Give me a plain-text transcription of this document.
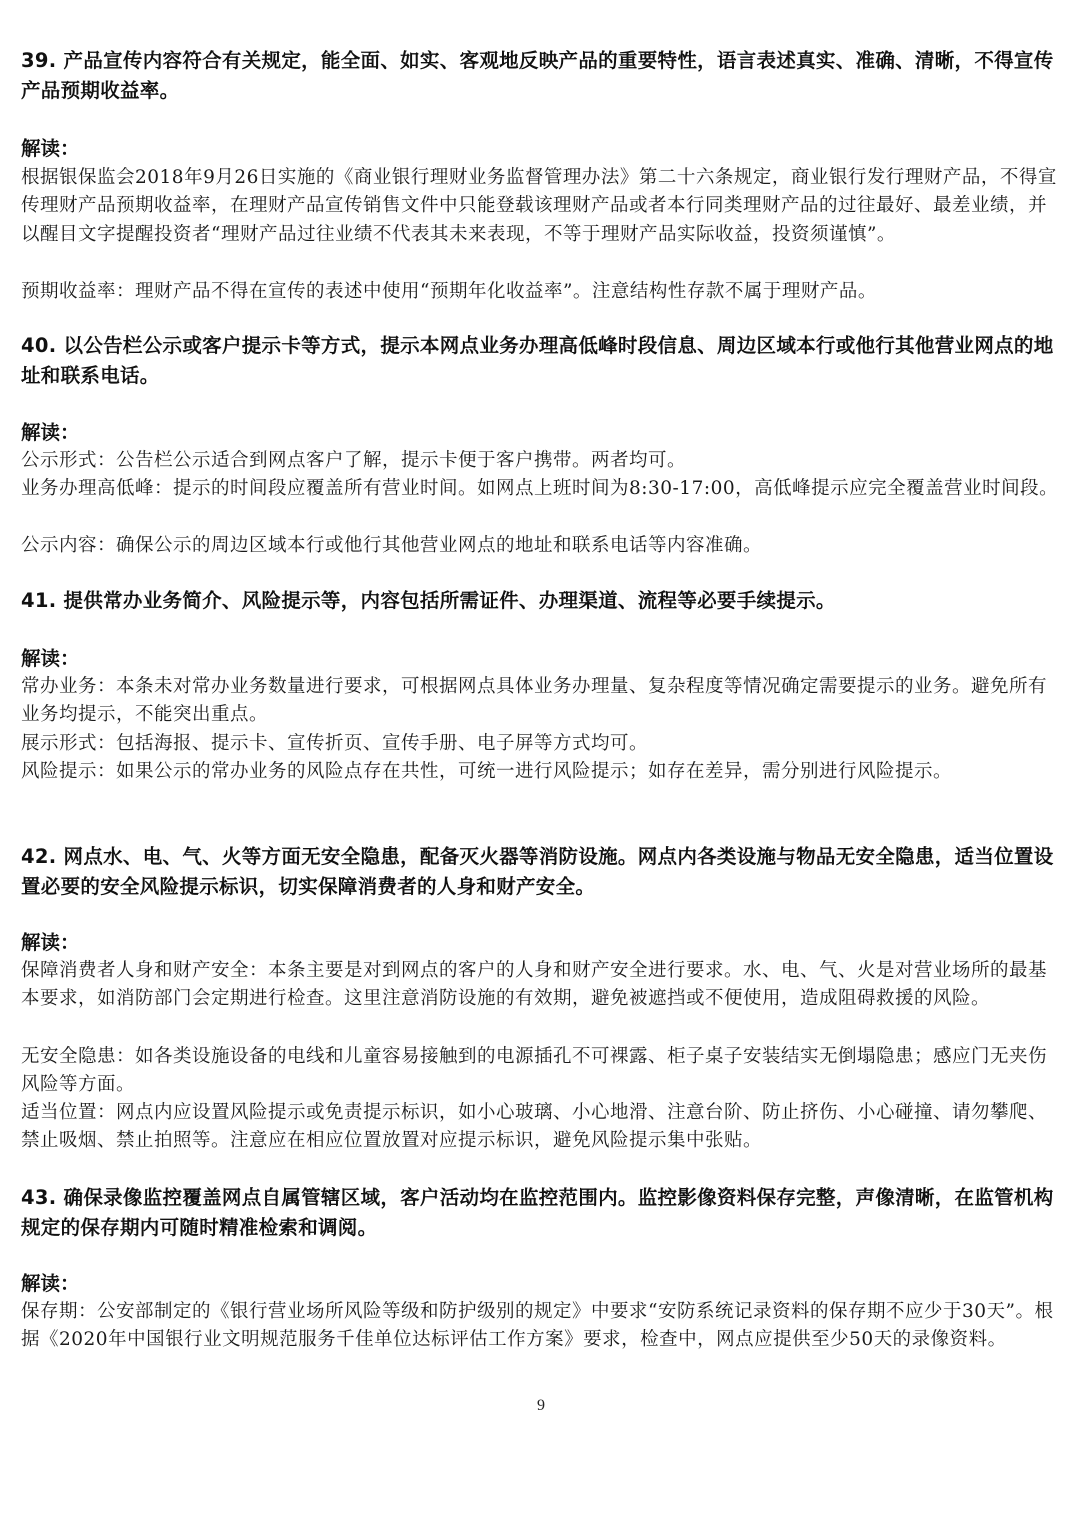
39. 产品宣传内容符合有关规定，能全面、如实、客观地反映产品的重要特性，语言表述真实、准确、清晰，不得宣传产品预期收益率。
解读：
根据银保监会2018年9月26日实施的《商业银行理财业务监督管理办法》第二十六条规定，商业银行发行理财产品，不得宣传理财产品预期收益率，在理财产品宣传销售文件中只能登载该理财产品或者本行同类理财产品的过往最好、最差业绩，并以醒目文字提醒投资者“理财产品过往业绩不代表其未来表现，不等于理财产品实际收益，投资须谨慎”。
预期收益率：理财产品不得在宣传的表述中使用“预期年化收益率”。注意结构性存款不属于理财产品。
40. 以公告栏公示或客户提示卡等方式，提示本网点业务办理高低峰时段信息、周边区域本行或他行其他营业网点的地址和联系电话。
解读：
公示形式：公告栏公示适合到网点客户了解，提示卡便于客户携带。两者均可。
业务办理高低峰：提示的时间段应覆盖所有营业时间。如网点上班时间为8:30-17:00，高低峰提示应完全覆盖营业时间段。
公示内容：确保公示的周边区域本行或他行其他营业网点的地址和联系电话等内容准确。
41. 提供常办业务简介、风险提示等，内容包括所需证件、办理渠道、流程等必要手续提示。
解读：
常办业务：本条未对常办业务数量进行要求，可根据网点具体业务办理量、复杂程度等情况确定需要提示的业务。避免所有业务均提示，不能突出重点。
展示形式：包括海报、提示卡、宣传折页、宣传手册、电子屏等方式均可。
风险提示：如果公示的常办业务的风险点存在共性，可统一进行风险提示；如存在差异，需分别进行风险提示。
42. 网点水、电、气、火等方面无安全隐患，配备灭火器等消防设施。网点内各类设施与物品无安全隐患，适当位置设置必要的安全风险提示标识，切实保障消费者的人身和财产安全。
解读：
保障消费者人身和财产安全：本条主要是对到网点的客户的人身和财产安全进行要求。水、电、气、火是对营业场所的最基本要求，如消防部门会定期进行检查。这里注意消防设施的有效期，避免被遮挡或不便使用，造成阻碍救援的风险。
无安全隐患：如各类设施设备的电线和儿童容易接触到的电源插孔不可裸露、柜子桌子安装结实无倒塌隐患；感应门无夹伤风险等方面。
适当位置：网点内应设置风险提示或免责提示标识，如小心玻璃、小心地滑、注意台阶、防止挤伤、小心碰撞、请勿攀爬、禁止吸烟、禁止拍照等。注意应在相应位置放置对应提示标识，避免风险提示集中张贴。
43. 确保录像监控覆盖网点自属管辖区域，客户活动均在监控范围内。监控影像资料保存完整，声像清晰，在监管机构规定的保存期内可随时精准检索和调阅。
解读：
保存期：公安部制定的《银行营业场所风险等级和防护级别的规定》中要求“安防系统记录资料的保存期不应少于30天”。根据《2020年中国银行业文明规范服务千佳单位达标评估工作方案》要求，检查中，网点应提供至少50天的录像资料。
9
